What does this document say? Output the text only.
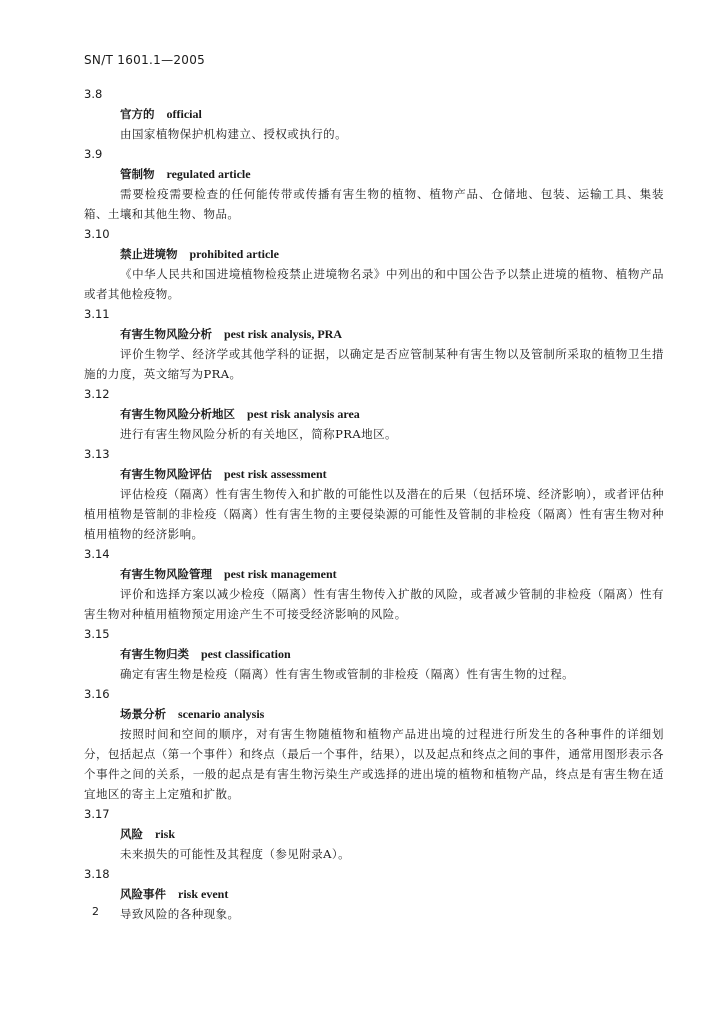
SN/T 1601.1—2005
3.8
官方的 official
由国家植物保护机构建立、授权或执行的。
3.9
管制物 regulated article
需要检疫需要检查的任何能传带或传播有害生物的植物、植物产品、仓储地、包装、运输工具、集装箱、土壤和其他生物、物品。
3.10
禁止进境物 prohibited article
《中华人民共和国进境植物检疫禁止进境物名录》中列出的和中国公告予以禁止进境的植物、植物产品或者其他检疫物。
3.11
有害生物风险分析 pest risk analysis, PRA
评价生物学、经济学或其他学科的证据，以确定是否应管制某种有害生物以及管制所采取的植物卫生措施的力度，英文缩写为PRA。
3.12
有害生物风险分析地区 pest risk analysis area
进行有害生物风险分析的有关地区，简称PRA地区。
3.13
有害生物风险评估 pest risk assessment
评估检疫（隔离）性有害生物传入和扩散的可能性以及潜在的后果（包括环境、经济影响），或者评估种植用植物是管制的非检疫（隔离）性有害生物的主要侵染源的可能性及管制的非检疫（隔离）性有害生物对种植用植物的经济影响。
3.14
有害生物风险管理 pest risk management
评价和选择方案以减少检疫（隔离）性有害生物传入扩散的风险，或者减少管制的非检疫（隔离）性有害生物对种植用植物预定用途产生不可接受经济影响的风险。
3.15
有害生物归类 pest classification
确定有害生物是检疫（隔离）性有害生物或管制的非检疫（隔离）性有害生物的过程。
3.16
场景分析 scenario analysis
按照时间和空间的顺序，对有害生物随植物和植物产品进出境的过程进行所发生的各种事件的详细划分，包括起点（第一个事件）和终点（最后一个事件，结果），以及起点和终点之间的事件，通常用图形表示各个事件之间的关系，一般的起点是有害生物污染生产或选择的进出境的植物和植物产品，终点是有害生物在适宜地区的寄主上定殖和扩散。
3.17
风险 risk
未来损失的可能性及其程度（参见附录A）。
3.18
风险事件 risk event
导致风险的各种现象。
2
